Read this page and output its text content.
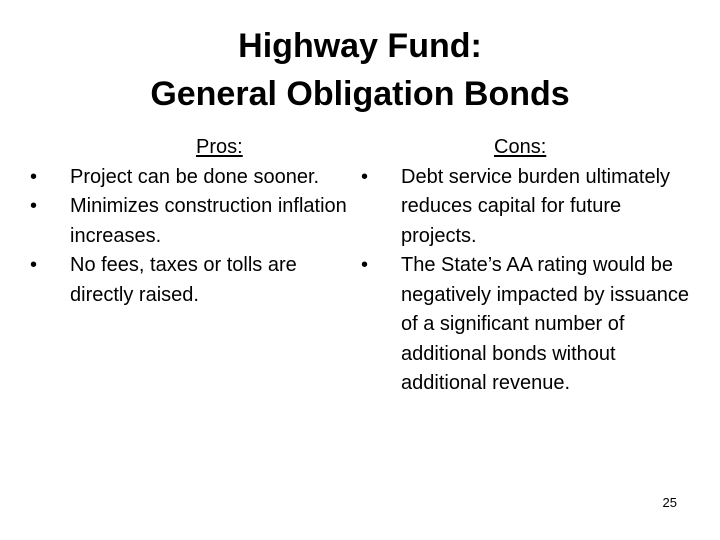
Highway Fund:
General Obligation Bonds
Pros:
• Project can be done sooner.
• Minimizes construction inflation increases.
• No fees, taxes or tolls are directly raised.
Cons:
• Debt service burden ultimately reduces capital for future projects.
• The State’s AA rating would be negatively impacted by issuance of a significant number of additional bonds without additional revenue.
25
